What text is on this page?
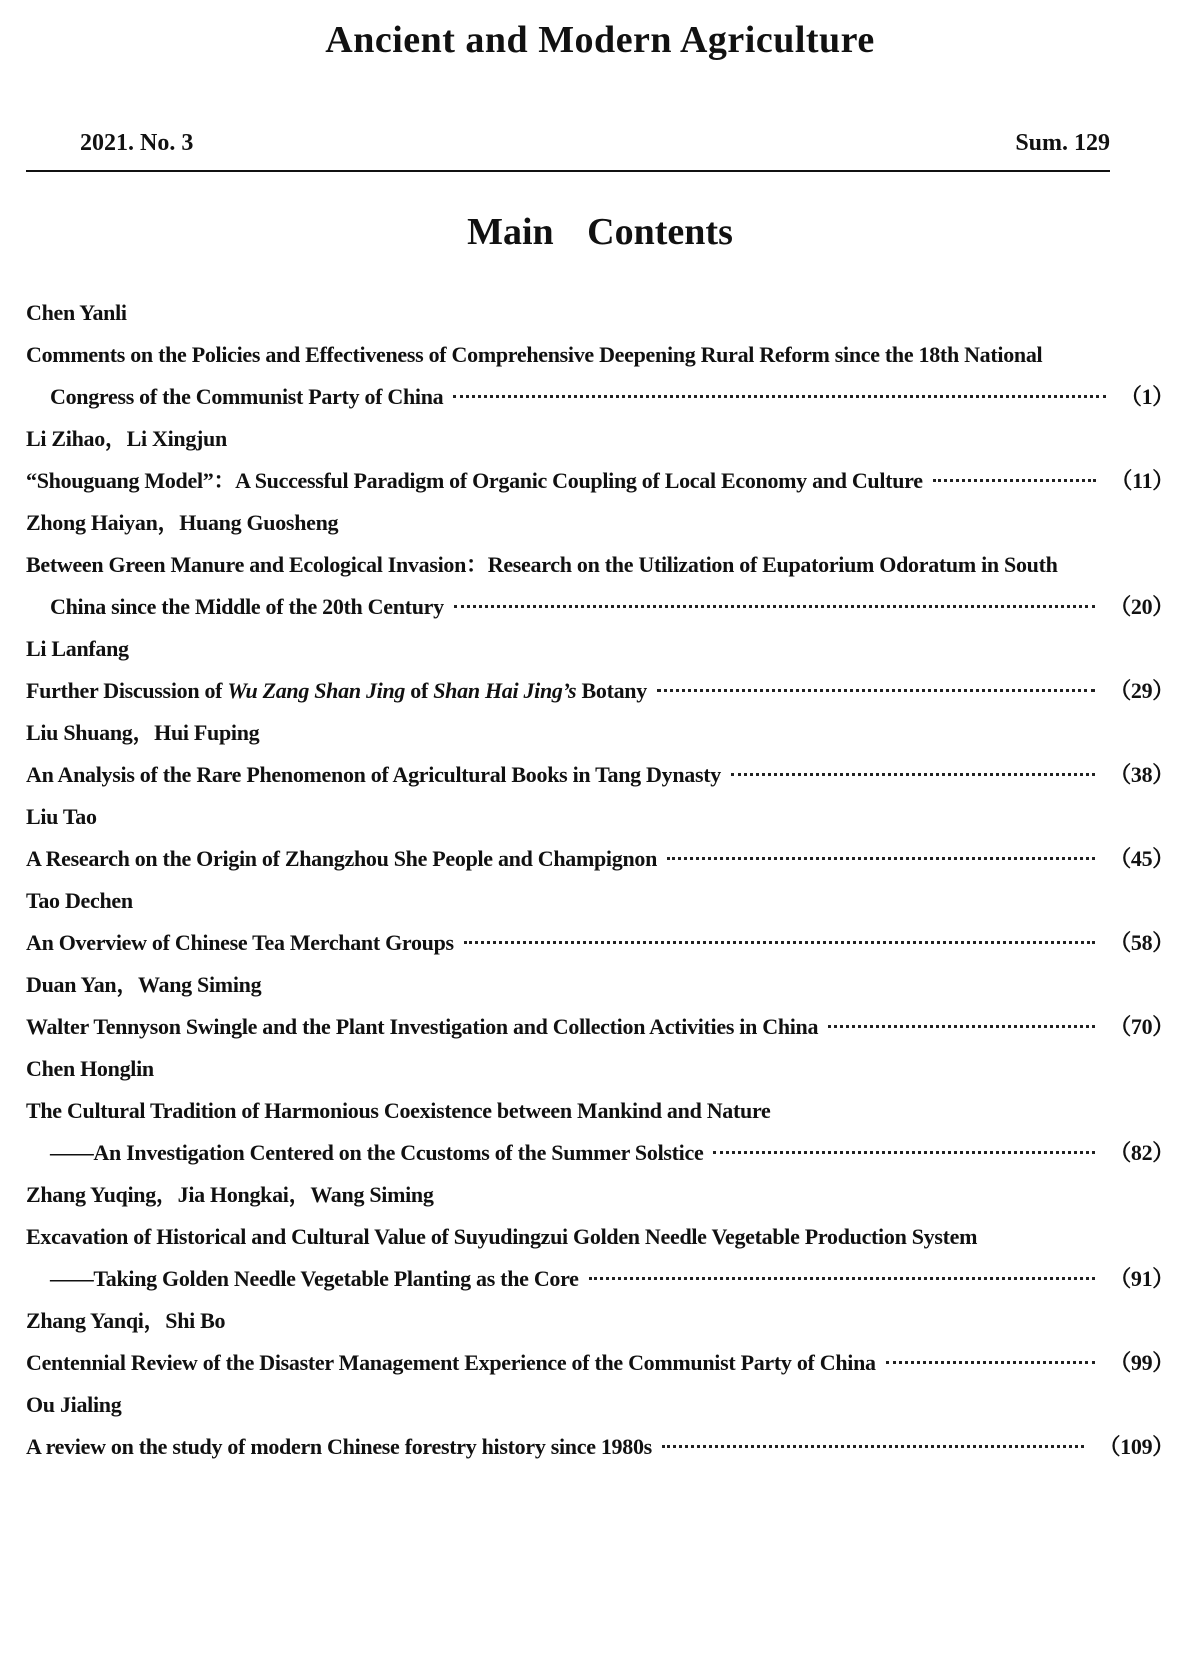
Ancient and Modern Agriculture
2021. No. 3	Sum. 129
Main Contents
Chen Yanli
Comments on the Policies and Effectiveness of Comprehensive Deepening Rural Reform since the 18th National
Congress of the Communist Party of China	（1）
Li Zihao，Li Xingjun
“Shouguang Model”：A Successful Paradigm of Organic Coupling of Local Economy and Culture	（11）
Zhong Haiyan，Huang Guosheng
Between Green Manure and Ecological Invasion：Research on the Utilization of Eupatorium Odoratum in South
China since the Middle of the 20th Century	（20）
Li Lanfang
Further Discussion of Wu Zang Shan Jing of Shan Hai Jing’s Botany	（29）
Liu Shuang，Hui Fuping
An Analysis of the Rare Phenomenon of Agricultural Books in Tang Dynasty	（38）
Liu Tao
A Research on the Origin of Zhangzhou She People and Champignon	（45）
Tao Dechen
An Overview of Chinese Tea Merchant Groups	（58）
Duan Yan，Wang Siming
Walter Tennyson Swingle and the Plant Investigation and Collection Activities in China	（70）
Chen Honglin
The Cultural Tradition of Harmonious Coexistence between Mankind and Nature
——An Investigation Centered on the Ccustoms of the Summer Solstice	（82）
Zhang Yuqing，Jia Hongkai，Wang Siming
Excavation of Historical and Cultural Value of Suyudingzui Golden Needle Vegetable Production System
——Taking Golden Needle Vegetable Planting as the Core	（91）
Zhang Yanqi，Shi Bo
Centennial Review of the Disaster Management Experience of the Communist Party of China	（99）
Ou Jialing
A review on the study of modern Chinese forestry history since 1980s	（109）
